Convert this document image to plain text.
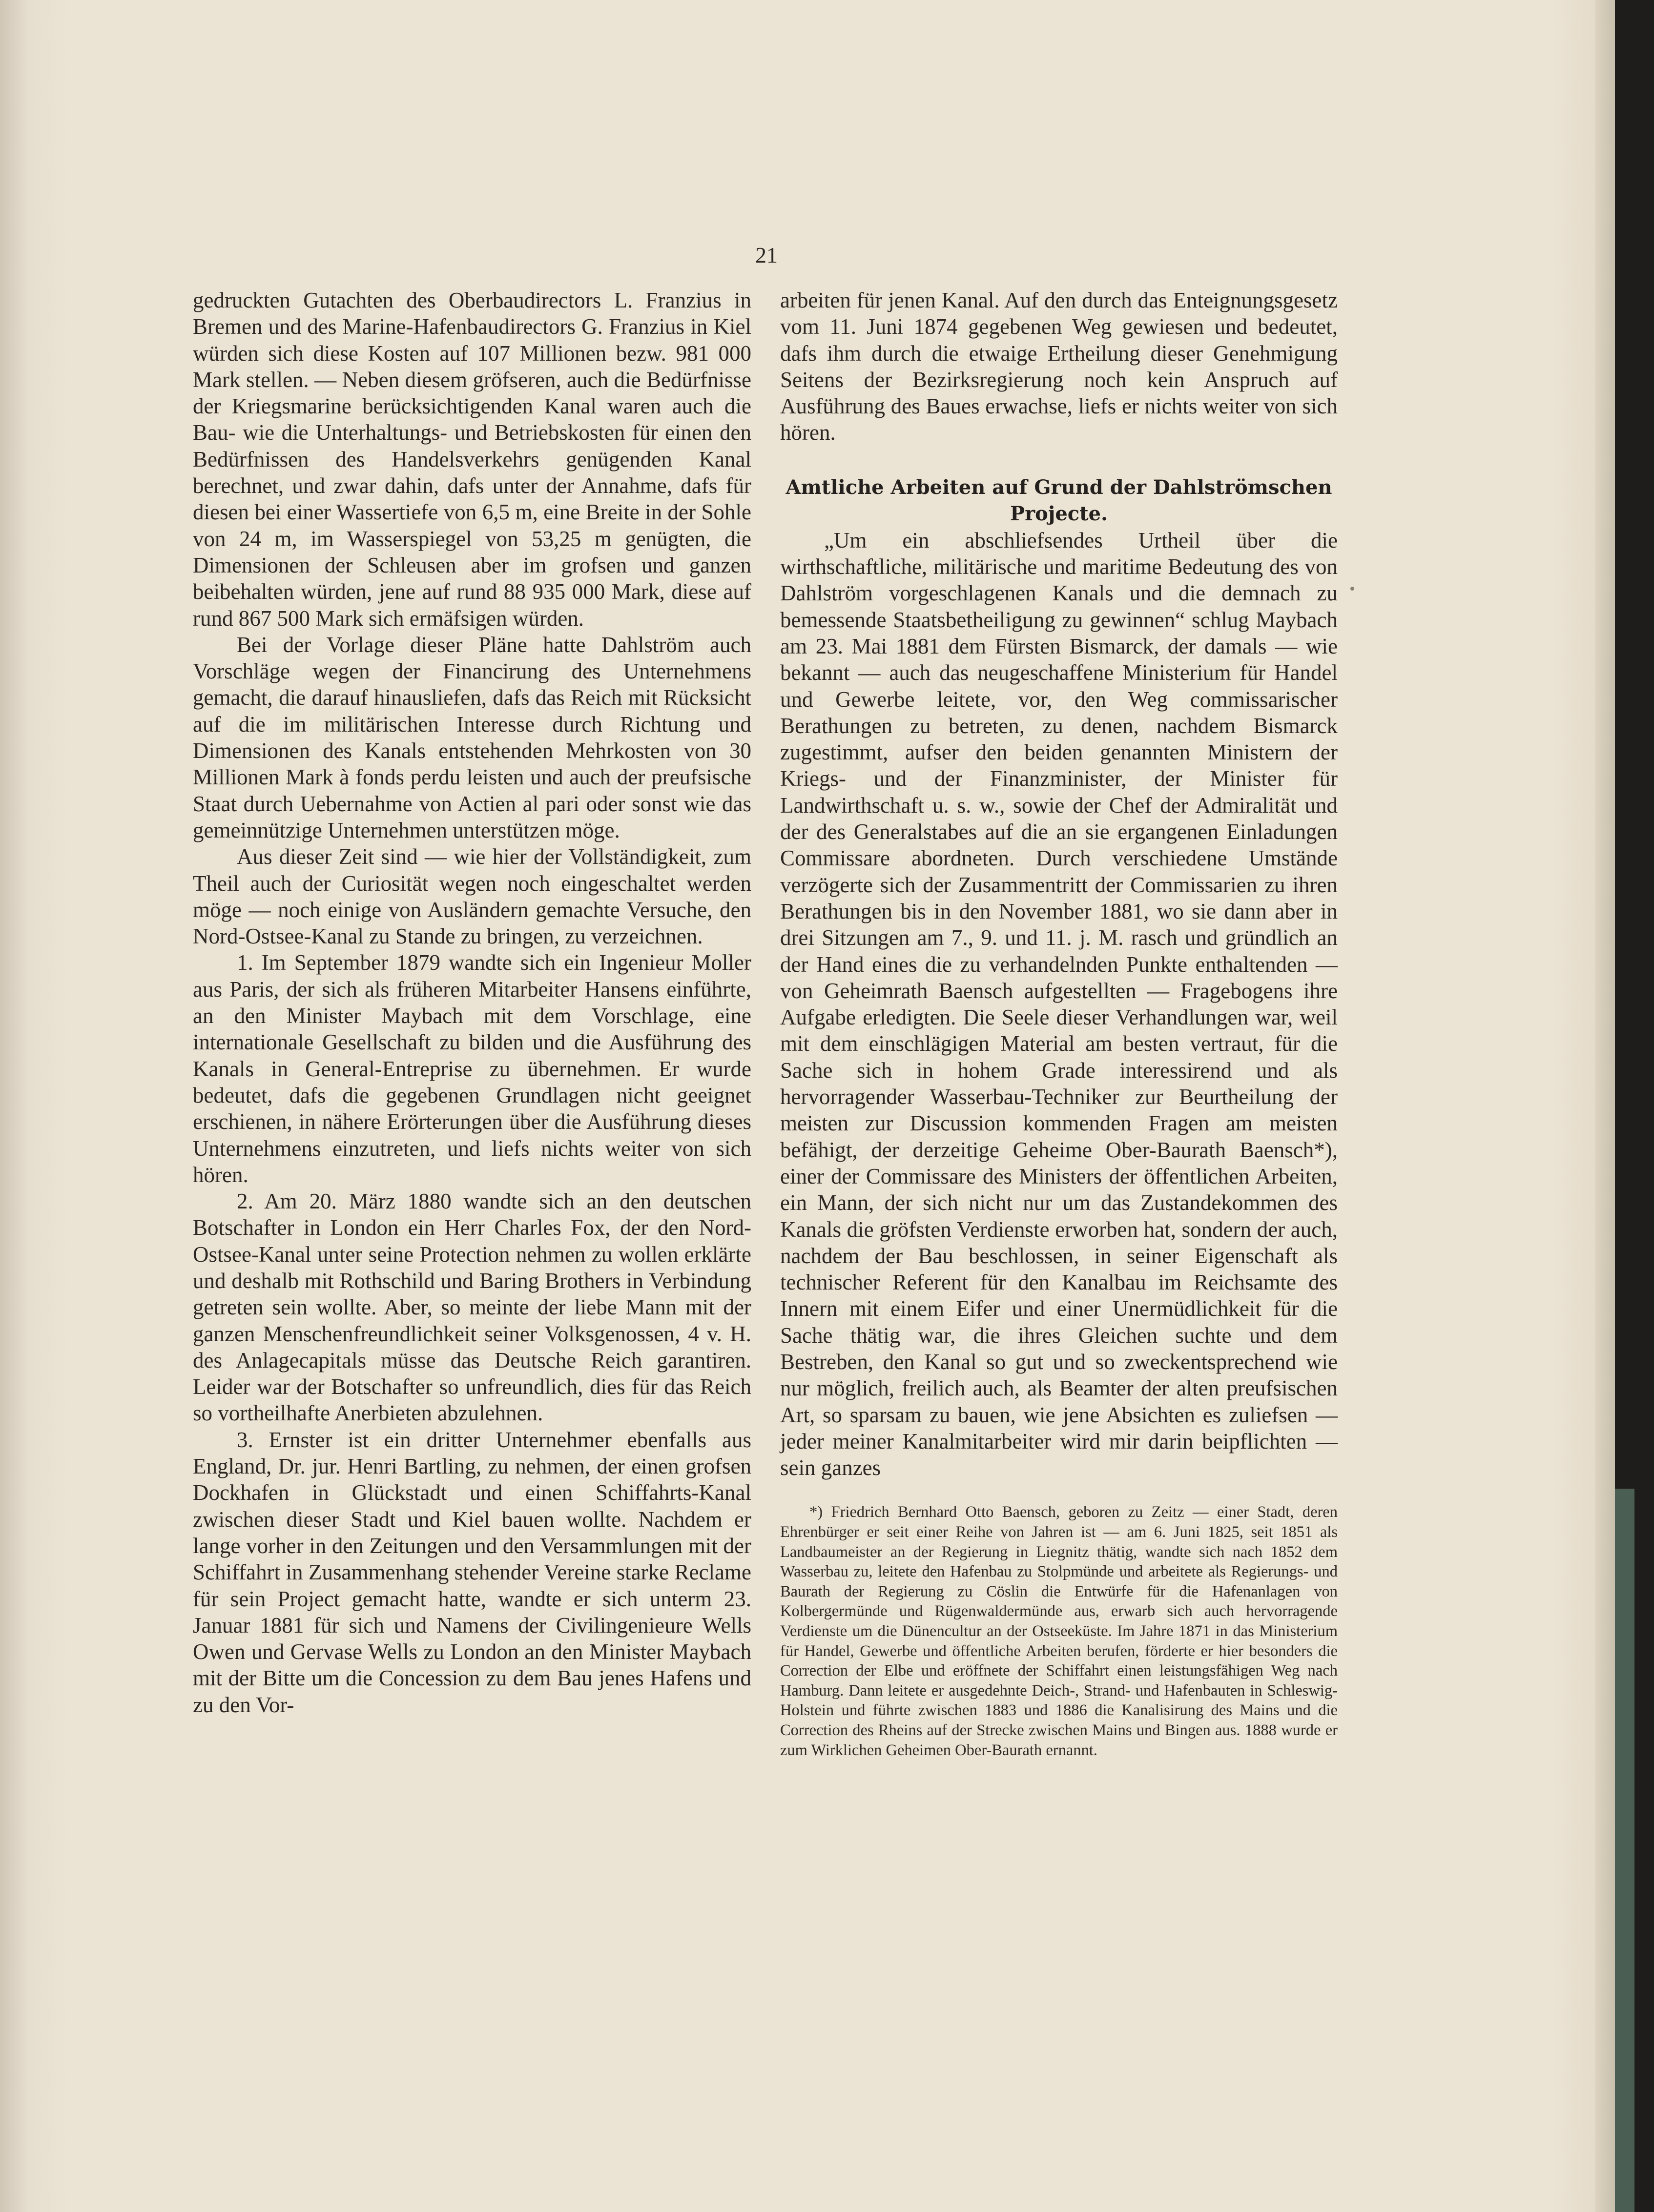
21

gedruckten Gutachten des Oberbaudirectors L. Franzius in Bremen und des Marine-Hafenbaudirectors G. Franzius in Kiel würden sich diese Kosten auf 107 Millionen bezw. 981 000 Mark stellen. — Neben diesem gröfseren, auch die Bedürfnisse der Kriegsmarine berücksichtigenden Kanal waren auch die Bau- wie die Unterhaltungs- und Betriebskosten für einen den Bedürfnissen des Handelsverkehrs genügenden Kanal berechnet, und zwar dahin, dafs unter der Annahme, dafs für diesen bei einer Wassertiefe von 6,5 m, eine Breite in der Sohle von 24 m, im Wasserspiegel von 53,25 m genügten, die Dimensionen der Schleusen aber im grofsen und ganzen beibehalten würden, jene auf rund 88 935 000 Mark, diese auf rund 867 500 Mark sich ermäfsigen würden.

Bei der Vorlage dieser Pläne hatte Dahlström auch Vorschläge wegen der Financirung des Unternehmens gemacht, die darauf hinausliefen, dafs das Reich mit Rücksicht auf die im militärischen Interesse durch Richtung und Dimensionen des Kanals entstehenden Mehrkosten von 30 Millionen Mark à fonds perdu leisten und auch der preufsische Staat durch Uebernahme von Actien al pari oder sonst wie das gemeinnützige Unternehmen unterstützen möge.

Aus dieser Zeit sind — wie hier der Vollständigkeit, zum Theil auch der Curiosität wegen noch eingeschaltet werden möge — noch einige von Ausländern gemachte Versuche, den Nord-Ostsee-Kanal zu Stande zu bringen, zu verzeichnen.

1. Im September 1879 wandte sich ein Ingenieur Moller aus Paris, der sich als früheren Mitarbeiter Hansens einführte, an den Minister Maybach mit dem Vorschlage, eine internationale Gesellschaft zu bilden und die Ausführung des Kanals in General-Entreprise zu übernehmen. Er wurde bedeutet, dafs die gegebenen Grundlagen nicht geeignet erschienen, in nähere Erörterungen über die Ausführung dieses Unternehmens einzutreten, und liefs nichts weiter von sich hören.

2. Am 20. März 1880 wandte sich an den deutschen Botschafter in London ein Herr Charles Fox, der den Nord-Ostsee-Kanal unter seine Protection nehmen zu wollen erklärte und deshalb mit Rothschild und Baring Brothers in Verbindung getreten sein wollte. Aber, so meinte der liebe Mann mit der ganzen Menschenfreundlichkeit seiner Volksgenossen, 4 v. H. des Anlagecapitals müsse das Deutsche Reich garantiren. Leider war der Botschafter so unfreundlich, dies für das Reich so vortheilhafte Anerbieten abzulehnen.

3. Ernster ist ein dritter Unternehmer ebenfalls aus England, Dr. jur. Henri Bartling, zu nehmen, der einen grofsen Dockhafen in Glückstadt und einen Schiffahrts-Kanal zwischen dieser Stadt und Kiel bauen wollte. Nachdem er lange vorher in den Zeitungen und den Versammlungen mit der Schiffahrt in Zusammenhang stehender Vereine starke Reclame für sein Project gemacht hatte, wandte er sich unterm 23. Januar 1881 für sich und Namens der Civilingenieure Wells Owen und Gervase Wells zu London an den Minister Maybach mit der Bitte um die Concession zu dem Bau jenes Hafens und zu den Vor-

arbeiten für jenen Kanal. Auf den durch das Enteignungsgesetz vom 11. Juni 1874 gegebenen Weg gewiesen und bedeutet, dafs ihm durch die etwaige Ertheilung dieser Genehmigung Seitens der Bezirksregierung noch kein Anspruch auf Ausführung des Baues erwachse, liefs er nichts weiter von sich hören.

Amtliche Arbeiten auf Grund der Dahlströmschen Projecte.

„Um ein abschliefsendes Urtheil über die wirthschaftliche, militärische und maritime Bedeutung des von Dahlström vorgeschlagenen Kanals und die demnach zu bemessende Staatsbetheiligung zu gewinnen“ schlug Maybach am 23. Mai 1881 dem Fürsten Bismarck, der damals — wie bekannt — auch das neugeschaffene Ministerium für Handel und Gewerbe leitete, vor, den Weg commissarischer Berathungen zu betreten, zu denen, nachdem Bismarck zugestimmt, aufser den beiden genannten Ministern der Kriegs- und der Finanzminister, der Minister für Landwirthschaft u. s. w., sowie der Chef der Admiralität und der des Generalstabes auf die an sie ergangenen Einladungen Commissare abordneten. Durch verschiedene Umstände verzögerte sich der Zusammentritt der Commissarien zu ihren Berathungen bis in den November 1881, wo sie dann aber in drei Sitzungen am 7., 9. und 11. j. M. rasch und gründlich an der Hand eines die zu verhandelnden Punkte enthaltenden — von Geheimrath Baensch aufgestellten — Fragebogens ihre Aufgabe erledigten. Die Seele dieser Verhandlungen war, weil mit dem einschlägigen Material am besten vertraut, für die Sache sich in hohem Grade interessirend und als hervorragender Wasserbau-Techniker zur Beurtheilung der meisten zur Discussion kommenden Fragen am meisten befähigt, der derzeitige Geheime Ober-Baurath Baensch*), einer der Commissare des Ministers der öffentlichen Arbeiten, ein Mann, der sich nicht nur um das Zustandekommen des Kanals die gröfsten Verdienste erworben hat, sondern der auch, nachdem der Bau beschlossen, in seiner Eigenschaft als technischer Referent für den Kanalbau im Reichsamte des Innern mit einem Eifer und einer Unermüdlichkeit für die Sache thätig war, die ihres Gleichen suchte und dem Bestreben, den Kanal so gut und so zweckentsprechend wie nur möglich, freilich auch, als Beamter der alten preufsischen Art, so sparsam zu bauen, wie jene Absichten es zuliefsen — jeder meiner Kanalmitarbeiter wird mir darin beipflichten — sein ganzes

*) Friedrich Bernhard Otto Baensch, geboren zu Zeitz — einer Stadt, deren Ehrenbürger er seit einer Reihe von Jahren ist — am 6. Juni 1825, seit 1851 als Landbaumeister an der Regierung in Liegnitz thätig, wandte sich nach 1852 dem Wasserbau zu, leitete den Hafenbau zu Stolpmünde und arbeitete als Regierungs- und Baurath der Regierung zu Cöslin die Entwürfe für die Hafenanlagen von Kolbergermünde und Rügenwaldermünde aus, erwarb sich auch hervorragende Verdienste um die Dünencultur an der Ostseeküste. Im Jahre 1871 in das Ministerium für Handel, Gewerbe und öffentliche Arbeiten berufen, förderte er hier besonders die Correction der Elbe und eröffnete der Schiffahrt einen leistungsfähigen Weg nach Hamburg. Dann leitete er ausgedehnte Deich-, Strand- und Hafenbauten in Schleswig-Holstein und führte zwischen 1883 und 1886 die Kanalisirung des Mains und die Correction des Rheins auf der Strecke zwischen Mains und Bingen aus. 1888 wurde er zum Wirklichen Geheimen Ober-Baurath ernannt.
